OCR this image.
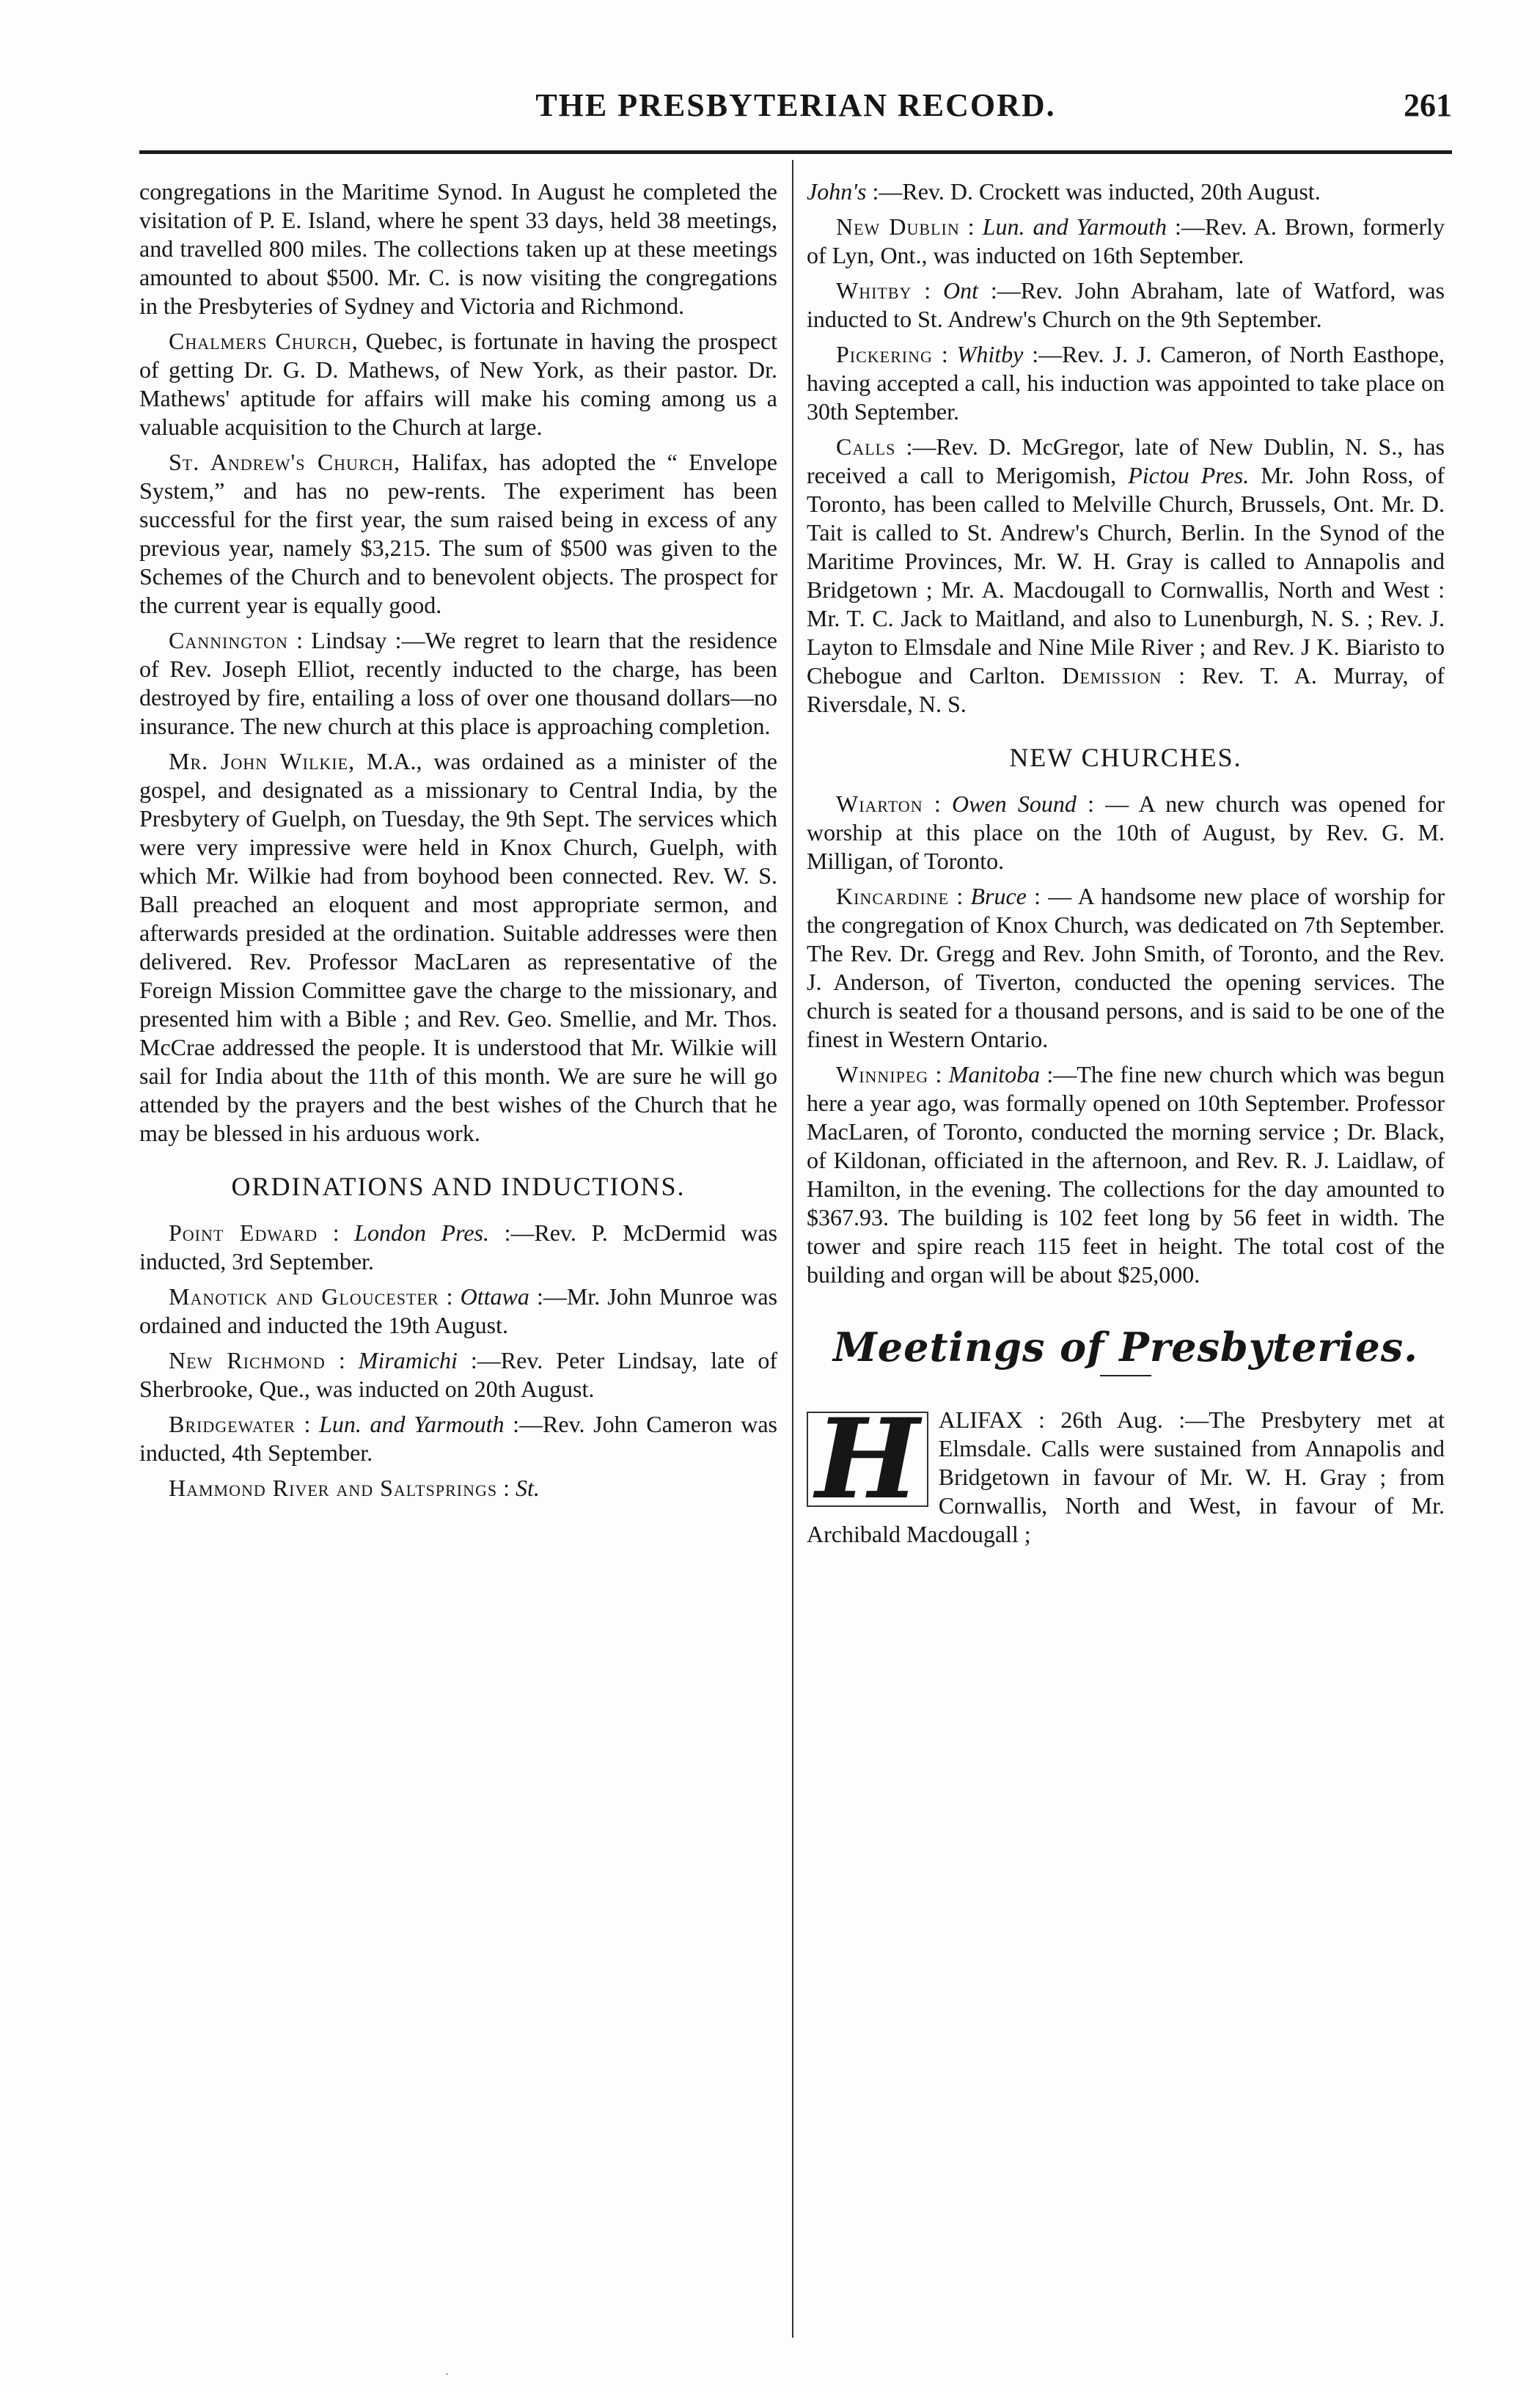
THE PRESBYTERIAN RECORD.	261

congregations in the Maritime Synod. In August he completed the visitation of P. E. Island, where he spent 33 days, held 38 meetings, and travelled 800 miles. The collections taken up at these meetings amounted to about $500. Mr. C. is now visiting the congregations in the Presbyteries of Sydney and Victoria and Richmond.

Chalmers Church, Quebec, is fortunate in having the prospect of getting Dr. G. D. Mathews, of New York, as their pastor. Dr. Mathews' aptitude for affairs will make his coming among us a valuable acquisition to the Church at large.

St. Andrew's Church, Halifax, has adopted the “ Envelope System,” and has no pew-rents. The experiment has been successful for the first year, the sum raised being in excess of any previous year, namely $3,215. The sum of $500 was given to the Schemes of the Church and to benevolent objects. The prospect for the current year is equally good.

Cannington : Lindsay :—We regret to learn that the residence of Rev. Joseph Elliot, recently inducted to the charge, has been destroyed by fire, entailing a loss of over one thousand dollars—no insurance. The new church at this place is approaching completion.

Mr. John Wilkie, M.A., was ordained as a minister of the gospel, and designated as a missionary to Central India, by the Presbytery of Guelph, on Tuesday, the 9th Sept. The services which were very impressive were held in Knox Church, Guelph, with which Mr. Wilkie had from boyhood been connected. Rev. W. S. Ball preached an eloquent and most appropriate sermon, and afterwards presided at the ordination. Suitable addresses were then delivered. Rev. Professor MacLaren as representative of the Foreign Mission Committee gave the charge to the missionary, and presented him with a Bible ; and Rev. Geo. Smellie, and Mr. Thos. McCrae addressed the people. It is understood that Mr. Wilkie will sail for India about the 11th of this month. We are sure he will go attended by the prayers and the best wishes of the Church that he may be blessed in his arduous work.

ORDINATIONS AND INDUCTIONS.

Point Edward : London Pres. :—Rev. P. McDermid was inducted, 3rd September.

Manotick and Gloucester : Ottawa :—Mr. John Munroe was ordained and inducted the 19th August.

New Richmond : Miramichi :—Rev. Peter Lindsay, late of Sherbrooke, Que., was inducted on 20th August.

Bridgewater : Lun. and Yarmouth :—Rev. John Cameron was inducted, 4th September.

Hammond River and Saltsprings : St.

John's :—Rev. D. Crockett was inducted, 20th August.

New Dublin : Lun. and Yarmouth :—Rev. A. Brown, formerly of Lyn, Ont., was inducted on 16th September.

Whitby : Ont :—Rev. John Abraham, late of Watford, was inducted to St. Andrew's Church on the 9th September.

Pickering : Whitby :—Rev. J. J. Cameron, of North Easthope, having accepted a call, his induction was appointed to take place on 30th September.

Calls :—Rev. D. McGregor, late of New Dublin, N. S., has received a call to Merigomish, Pictou Pres. Mr. John Ross, of Toronto, has been called to Melville Church, Brussels, Ont. Mr. D. Tait is called to St. Andrew's Church, Berlin. In the Synod of the Maritime Provinces, Mr. W. H. Gray is called to Annapolis and Bridgetown ; Mr. A. Macdougall to Cornwallis, North and West : Mr. T. C. Jack to Maitland, and also to Lunenburgh, N. S. ; Rev. J. Layton to Elmsdale and Nine Mile River ; and Rev. J K. Biaristo to Chebogue and Carlton. Demission : Rev. T. A. Murray, of Riversdale, N. S.

NEW CHURCHES.

Wiarton : Owen Sound : — A new church was opened for worship at this place on the 10th of August, by Rev. G. M. Milligan, of Toronto.

Kincardine : Bruce : — A handsome new place of worship for the congregation of Knox Church, was dedicated on 7th September. The Rev. Dr. Gregg and Rev. John Smith, of Toronto, and the Rev. J. Anderson, of Tiverton, conducted the opening services. The church is seated for a thousand persons, and is said to be one of the finest in Western Ontario.

Winnipeg : Manitoba :—The fine new church which was begun here a year ago, was formally opened on 10th September. Professor MacLaren, of Toronto, conducted the morning service ; Dr. Black, of Kildonan, officiated in the afternoon, and Rev. R. J. Laidlaw, of Hamilton, in the evening. The collections for the day amounted to $367.93. The building is 102 feet long by 56 feet in width. The tower and spire reach 115 feet in height. The total cost of the building and organ will be about $25,000.

Meetings of Presbyteries.

H ALIFAX : 26th Aug. :—The Presbytery met at Elmsdale. Calls were sustained from Annapolis and Bridgetown in favour of Mr. W. H. Gray ; from Cornwallis, North and West, in favour of Mr. Archibald Macdougall ;

·
